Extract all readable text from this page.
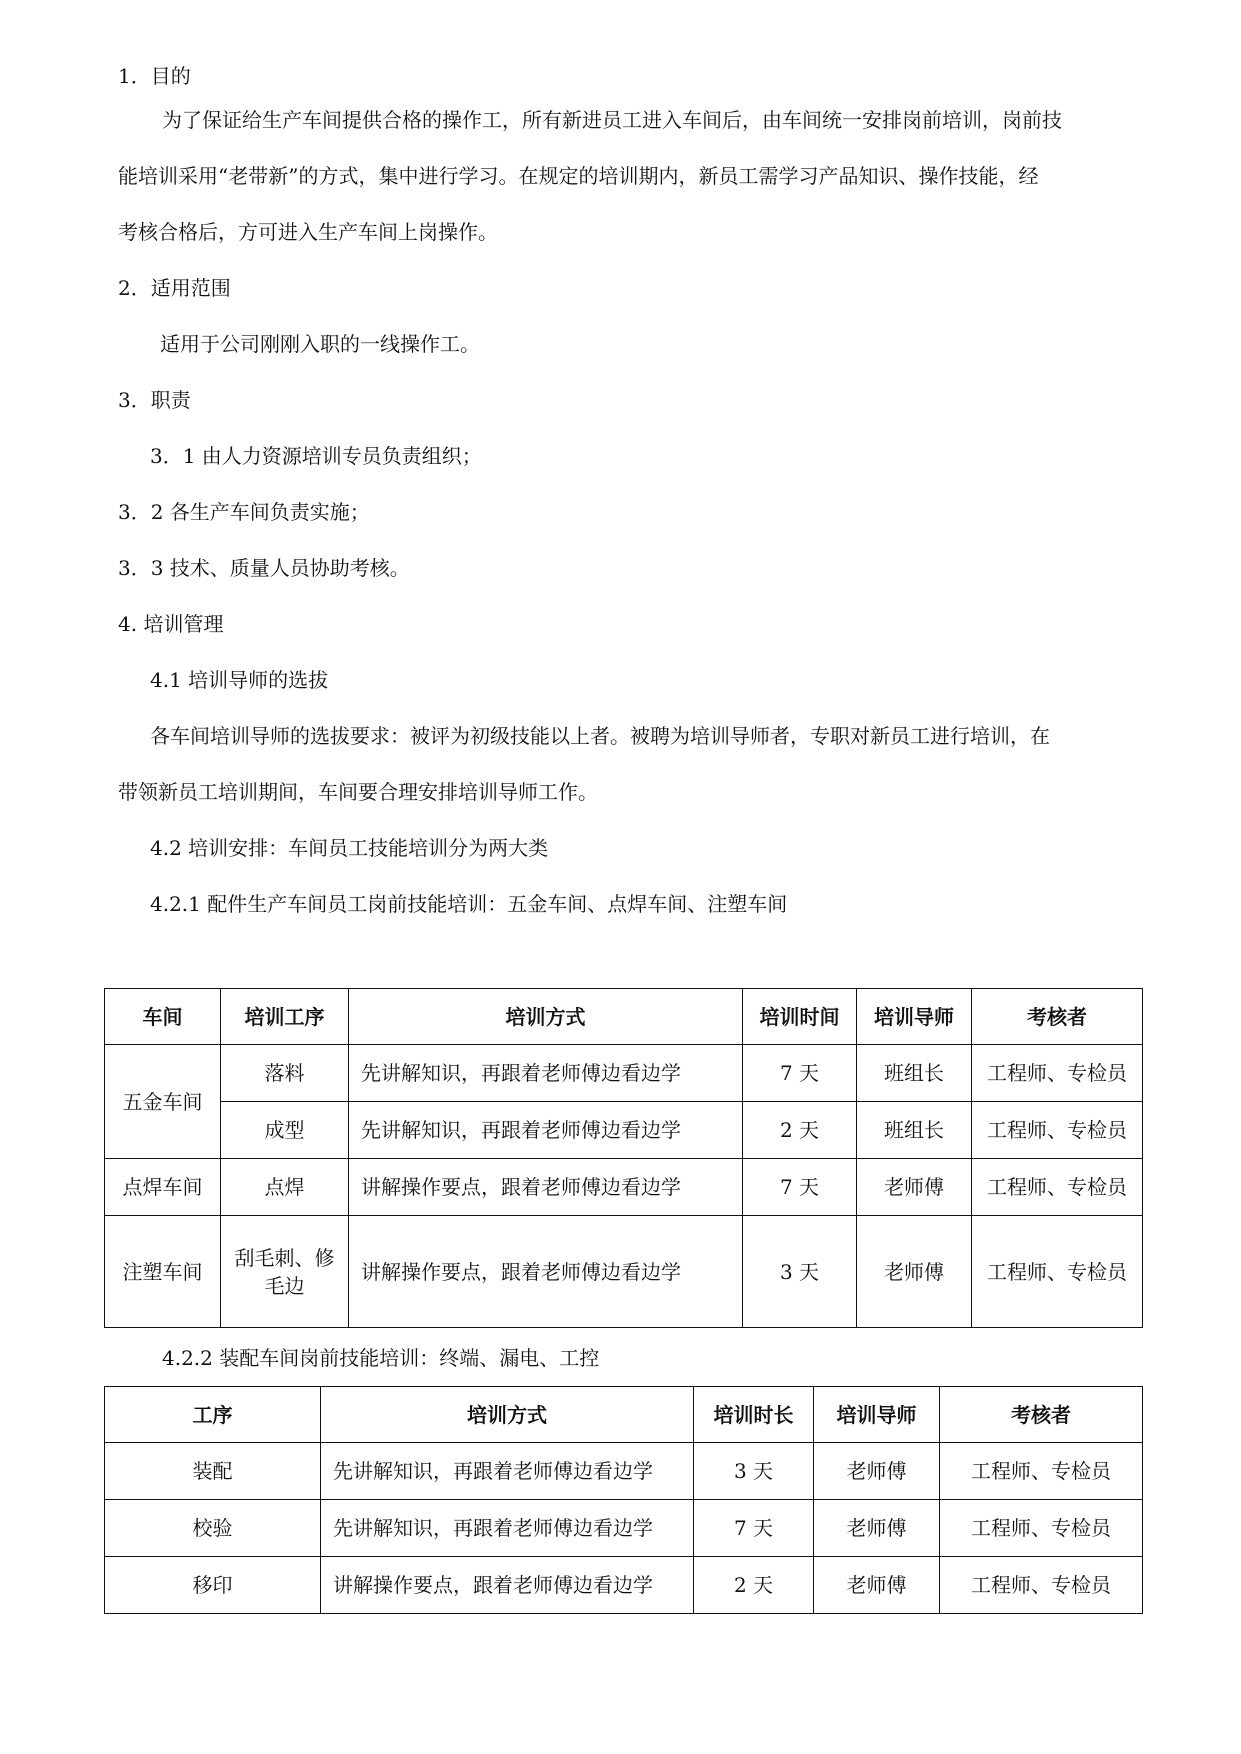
1．目的
为了保证给生产车间提供合格的操作工，所有新进员工进入车间后，由车间统一安排岗前培训，岗前技
能培训采用“老带新”的方式，集中进行学习。在规定的培训期内，新员工需学习产品知识、操作技能，经
考核合格后，方可进入生产车间上岗操作。
2．适用范围
适用于公司刚刚入职的一线操作工。
3．职责
3．1 由人力资源培训专员负责组织；
3．2 各生产车间负责实施；
3．3 技术、质量人员协助考核。
4. 培训管理
4.1 培训导师的选拔
各车间培训导师的选拔要求：被评为初级技能以上者。被聘为培训导师者，专职对新员工进行培训，在
带领新员工培训期间，车间要合理安排培训导师工作。
4.2 培训安排：车间员工技能培训分为两大类
4.2.1 配件生产车间员工岗前技能培训：五金车间、点焊车间、注塑车间
车间	培训工序	培训方式	培训时间	培训导师	考核者
五金车间	落料	先讲解知识，再跟着老师傅边看边学	7 天	班组长	工程师、专检员
	成型	先讲解知识，再跟着老师傅边看边学	2 天	班组长	工程师、专检员
点焊车间	点焊	讲解操作要点，跟着老师傅边看边学	7 天	老师傅	工程师、专检员
注塑车间	刮毛刺、修
毛边	讲解操作要点，跟着老师傅边看边学	3 天	老师傅	工程师、专检员
4.2.2 装配车间岗前技能培训：终端、漏电、工控
工序	培训方式	培训时长	培训导师	考核者
装配	先讲解知识，再跟着老师傅边看边学	3 天	老师傅	工程师、专检员
校验	先讲解知识，再跟着老师傅边看边学	7 天	老师傅	工程师、专检员
移印	讲解操作要点，跟着老师傅边看边学	2 天	老师傅	工程师、专检员
